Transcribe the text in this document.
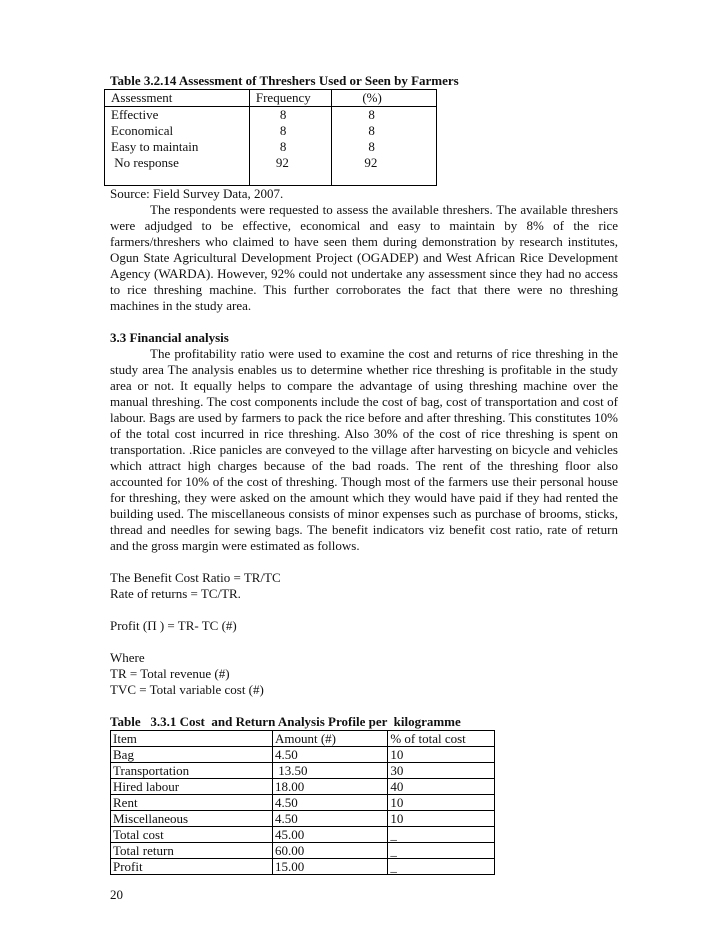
Table 3.2.14 Assessment of Threshers Used or Seen by Farmers
Assessment	Frequency	(%)
Effective	8	8
Economical	8	8
Easy to maintain	8	8
No response	92	92

Source: Field Survey Data, 2007.

The respondents were requested to assess the available threshers. The available threshers were adjudged to be effective, economical and easy to maintain by 8% of the rice farmers/threshers who claimed to have seen them during demonstration by research institutes, Ogun State Agricultural Development Project (OGADEP) and West African Rice Development Agency (WARDA). However, 92% could not undertake any assessment since they had no access to rice threshing machine. This further corroborates the fact that there were no threshing machines in the study area.

3.3 Financial analysis

The profitability ratio were used to examine the cost and returns of rice threshing in the study area The analysis enables us to determine whether rice threshing is profitable in the study area or not. It equally helps to compare the advantage of using threshing machine over the manual threshing. The cost components include the cost of bag, cost of transportation and cost of labour. Bags are used by farmers to pack the rice before and after threshing. This constitutes 10% of the total cost incurred in rice threshing. Also 30% of the cost of rice threshing is spent on transportation. .Rice panicles are conveyed to the village after harvesting on bicycle and vehicles which attract high charges because of the bad roads. The rent of the threshing floor also accounted for 10% of the cost of threshing. Though most of the farmers use their personal house for threshing, they were asked on the amount which they would have paid if they had rented the building used. The miscellaneous consists of minor expenses such as purchase of brooms, sticks, thread and needles for sewing bags. The benefit indicators viz benefit cost ratio, rate of return and the gross margin were estimated as follows.

The Benefit Cost Ratio = TR/TC
Rate of returns = TC/TR.
Profit (Π ) = TR- TC (#)
Where
TR = Total revenue (#)
TVC = Total variable cost (#)
Table   3.3.1 Cost  and Return Analysis Profile per  kilogramme
Item	Amount (#)	% of total cost
Bag	4.50	10
Transportation	13.50	30
Hired labour	18.00	40
Rent	4.50	10
Miscellaneous	4.50	10
Total cost	45.00	_
Total return	60.00	_
Profit	15.00	_
20
